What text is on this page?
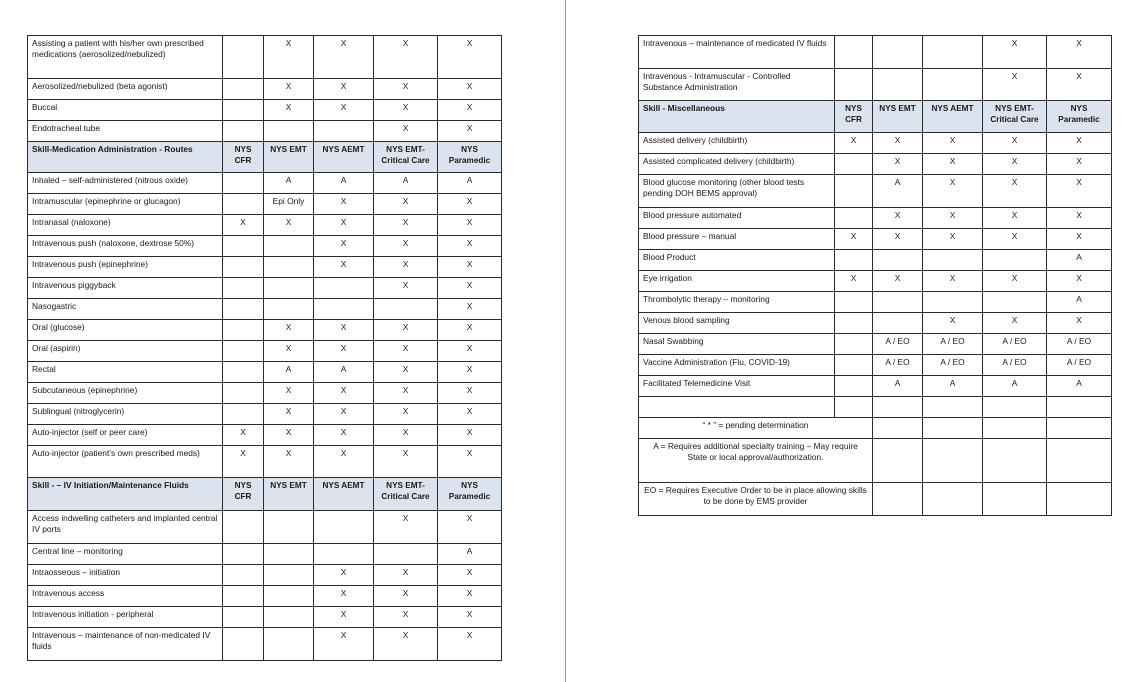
Assisting a patient with his/her own prescribed medications (aerosolized/nebulized)		X	X	X	X
Aerosolized/nebulized (beta agonist)		X	X	X	X
Buccal		X	X	X	X
Endotracheal tube				X	X
Skill-Medication Administration - Routes	NYS CFR	NYS EMT	NYS AEMT	NYS EMT-Critical Care	NYS Paramedic
Inhaled – self-administered (nitrous oxide)		A	A	A	A
Intramuscular (epinephrine or glucagon)		Epi Only	X	X	X
Intranasal (naloxone)	X	X	X	X	X
Intravenous push (naloxone, dextrose 50%)			X	X	X
Intravenous push (epinephrine)			X	X	X
Intravenous piggyback				X	X
Nasogastric					X
Oral (glucose)		X	X	X	X
Oral (aspirin)		X	X	X	X
Rectal		A	A	X	X
Subcutaneous (epinephrine)		X	X	X	X
Sublingual (nitroglycerin)		X	X	X	X
Auto-injector (self or peer care)	X	X	X	X	X
Auto-injector (patient’s own prescribed meds)	X	X	X	X	X
Skill - – IV Initiation/Maintenance Fluids	NYS CFR	NYS EMT	NYS AEMT	NYS EMT-Critical Care	NYS Paramedic
Access indwelling catheters and implanted central IV ports				X	X
Central line – monitoring					A
Intraosseous – initiation			X	X	X
Intravenous access			X	X	X
Intravenous initiation - peripheral			X	X	X
Intravenous – maintenance of non-medicated IV fluids			X	X	X
Intravenous – maintenance of medicated IV fluids				X	X
Intravenous - Intramuscular - Controlled Substance Administration				X	X
Skill - Miscellaneous	NYS CFR	NYS EMT	NYS AEMT	NYS EMT-Critical Care	NYS Paramedic
Assisted delivery (childbirth)	X	X	X	X	X
Assisted complicated delivery (childbirth)		X	X	X	X
Blood glucose monitoring (other blood tests pending DOH BEMS approval)		A	X	X	X
Blood pressure automated		X	X	X	X
Blood pressure – manual	X	X	X	X	X
Blood Product					A
Eye irrigation	X	X	X	X	X
Thrombolytic therapy – monitoring					A
Venous blood sampling			X	X	X
Nasal Swabbing		A / EO	A / EO	A / EO	A / EO
Vaccine Administration (Flu, COVID-19)		A / EO	A / EO	A / EO	A / EO
Facilitated Telemedicine Visit		A	A	A	A

“ * ” = pending determination					
A = Requires additional specialty training – May require State or local approval/authorization.					
EO = Requires Executive Order to be in place allowing skills to be done by EMS provider					
